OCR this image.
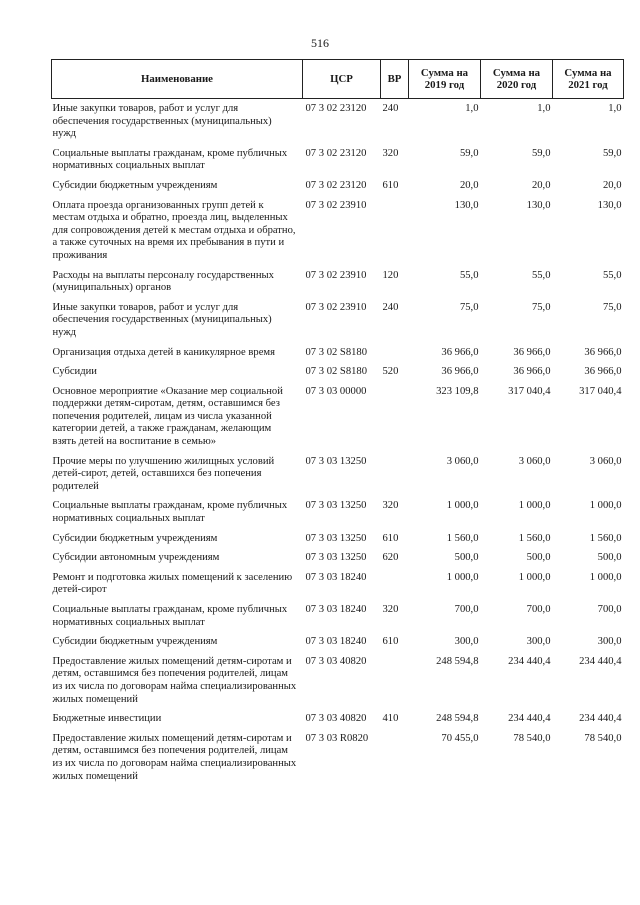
516
Наименование	ЦСР	ВР	Сумма на 2019 год	Сумма на 2020 год	Сумма на 2021 год
Иные закупки товаров, работ и услуг для обеспечения государственных (муниципальных) нужд	07 3 02 23120	240	1,0	1,0	1,0
Социальные выплаты гражданам, кроме публичных нормативных социальных выплат	07 3 02 23120	320	59,0	59,0	59,0
Субсидии бюджетным учреждениям	07 3 02 23120	610	20,0	20,0	20,0
Оплата проезда организованных групп детей к местам отдыха и обратно, проезда лиц, выделенных для сопровождения детей к местам отдыха и обратно, а также суточных на время их пребывания в пути и проживания	07 3 02 23910		130,0	130,0	130,0
Расходы на выплаты персоналу государственных (муниципальных) органов	07 3 02 23910	120	55,0	55,0	55,0
Иные закупки товаров, работ и услуг для обеспечения государственных (муниципальных) нужд	07 3 02 23910	240	75,0	75,0	75,0
Организация отдыха детей в каникулярное время	07 3 02 S8180		36 966,0	36 966,0	36 966,0
Субсидии	07 3 02 S8180	520	36 966,0	36 966,0	36 966,0
Основное мероприятие «Оказание мер социальной поддержки детям-сиротам, детям, оставшимся без попечения родителей, лицам из числа указанной категории детей, а также гражданам, желающим взять детей на воспитание в семью»	07 3 03 00000		323 109,8	317 040,4	317 040,4
Прочие меры по улучшению жилищных условий детей-сирот, детей, оставшихся без попечения родителей	07 3 03 13250		3 060,0	3 060,0	3 060,0
Социальные выплаты гражданам, кроме публичных нормативных социальных выплат	07 3 03 13250	320	1 000,0	1 000,0	1 000,0
Субсидии бюджетным учреждениям	07 3 03 13250	610	1 560,0	1 560,0	1 560,0
Субсидии автономным учреждениям	07 3 03 13250	620	500,0	500,0	500,0
Ремонт и подготовка жилых помещений к заселению детей-сирот	07 3 03 18240		1 000,0	1 000,0	1 000,0
Социальные выплаты гражданам, кроме публичных нормативных социальных выплат	07 3 03 18240	320	700,0	700,0	700,0
Субсидии бюджетным учреждениям	07 3 03 18240	610	300,0	300,0	300,0
Предоставление жилых помещений детям-сиротам и детям, оставшимся без попечения родителей, лицам из их числа по договорам найма специализированных жилых помещений	07 3 03 40820		248 594,8	234 440,4	234 440,4
Бюджетные инвестиции	07 3 03 40820	410	248 594,8	234 440,4	234 440,4
Предоставление жилых помещений детям-сиротам и детям, оставшимся без попечения родителей, лицам из их числа по договорам найма специализированных жилых помещений	07 3 03 R0820		70 455,0	78 540,0	78 540,0
